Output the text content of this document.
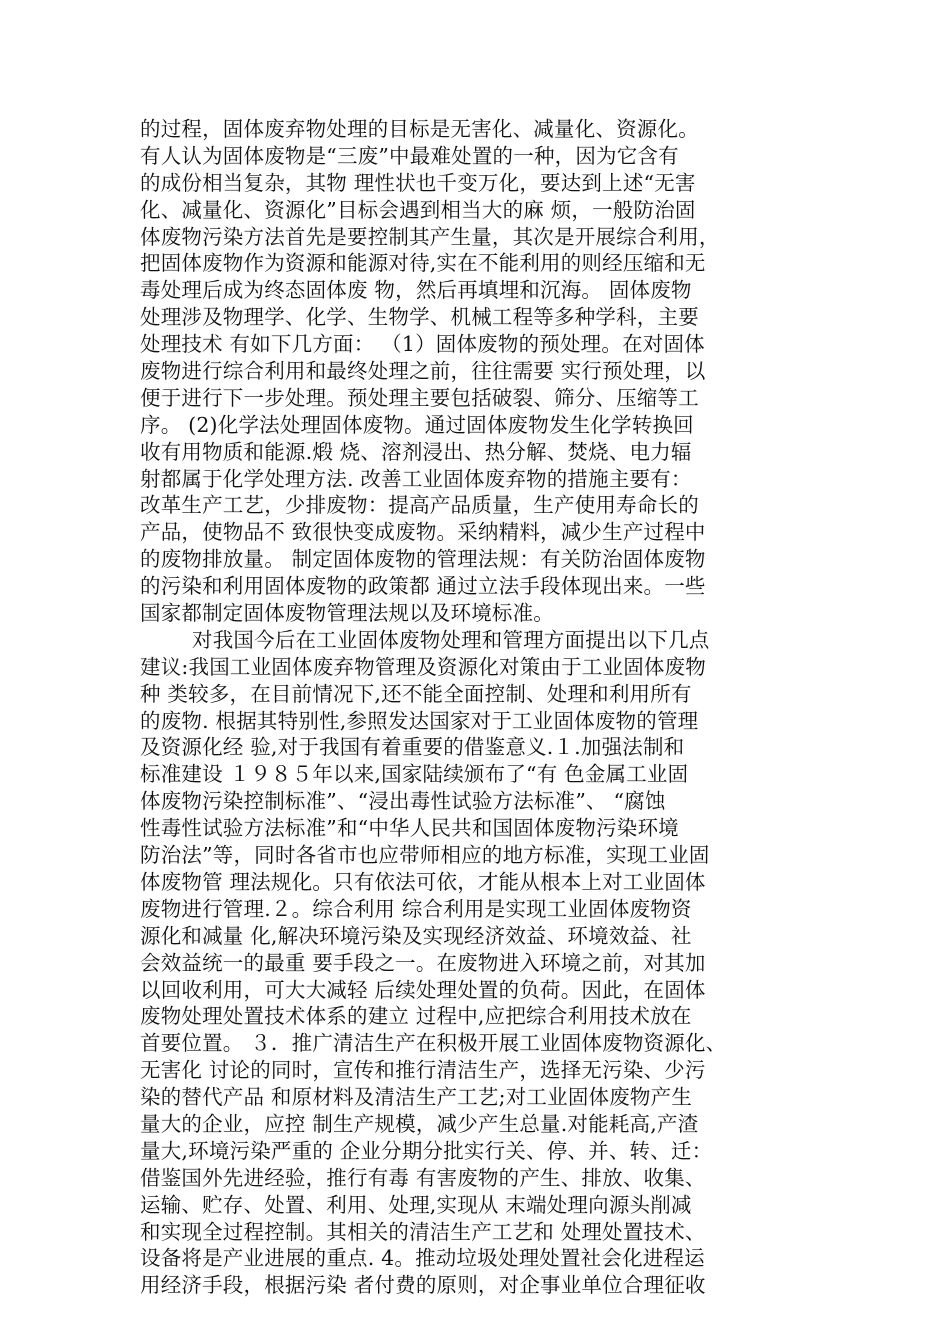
的过程，固体废弃物处理的目标是无害化、减量化、资源化。
有人认为固体废物是“三废”中最难处置的一种，因为它含有
的成份相当复杂，其物 理性状也千变万化，要达到上述“无害
化、减量化、资源化”目标会遇到相当大的麻 烦，一般防治固
体废物污染方法首先是要控制其产生量，其次是开展综合利用，
把固体废物作为资源和能源对待,实在不能利用的则经压缩和无
毒处理后成为终态固体废 物，然后再填埋和沉海。 固体废物
处理涉及物理学、化学、生物学、机械工程等多种学科，主要
处理技术 有如下几方面： （1）固体废物的预处理。在对固体
废物进行综合利用和最终处理之前，往往需要 实行预处理，以
便于进行下一步处理。预处理主要包括破裂、筛分、压缩等工
序。 (2)化学法处理固体废物。通过固体废物发生化学转换回
收有用物质和能源.煅 烧、溶剂浸出、热分解、焚烧、电力辐
射都属于化学处理方法. 改善工业固体废弃物的措施主要有：
改革生产工艺，少排废物：提高产品质量，生产使用寿命长的
产品，使物品不 致很快变成废物。采纳精料，减少生产过程中
的废物排放量。 制定固体废物的管理法规：有关防治固体废物
的污染和利用固体废物的政策都 通过立法手段体现出来。一些
国家都制定固体废物管理法规以及环境标准。
对我国今后在工业固体废物处理和管理方面提出以下几点
建议:我国工业固体废弃物管理及资源化对策由于工业固体废物
种 类较多，在目前情况下,还不能全面控制、处理和利用所有
的废物. 根据其特别性,参照发达国家对于工业固体废物的管理
及资源化经 验,对于我国有着重要的借鉴意义.１.加强法制和
标准建设 １９８５年以来,国家陆续颁布了“有 色金属工业固
体废物污染控制标准”、“浸出毒性试验方法标准”、 “腐蚀
性毒性试验方法标准”和“中华人民共和国固体废物污染环境
防治法”等，同时各省市也应带师相应的地方标准，实现工业固
体废物管 理法规化。只有依法可依，才能从根本上对工业固体
废物进行管理.２。综合利用 综合利用是实现工业固体废物资
源化和减量 化,解决环境污染及实现经济效益、环境效益、社
会效益统一的最重 要手段之一。在废物进入环境之前，对其加
以回收利用，可大大减轻 后续处理处置的负荷。因此，在固体
废物处理处置技术体系的建立 过程中,应把综合利用技术放在
首要位置。 ３．推广清洁生产在积极开展工业固体废物资源化、
无害化 讨论的同时，宣传和推行清洁生产，选择无污染、少污
染的替代产品 和原材料及清洁生产工艺;对工业固体废物产生
量大的企业，应控 制生产规模，减少产生总量.对能耗高,产渣
量大,环境污染严重的 企业分期分批实行关、停、并、转、迁：
借鉴国外先进经验，推行有毒 有害废物的产生、排放、收集、
运输、贮存、处置、利用、处理,实现从 末端处理向源头削减
和实现全过程控制。其相关的清洁生产工艺和 处理处置技术、
设备将是产业进展的重点. 4。推动垃圾处理处置社会化进程运
用经济手段，根据污染 者付费的原则，对企事业单位合理征收
